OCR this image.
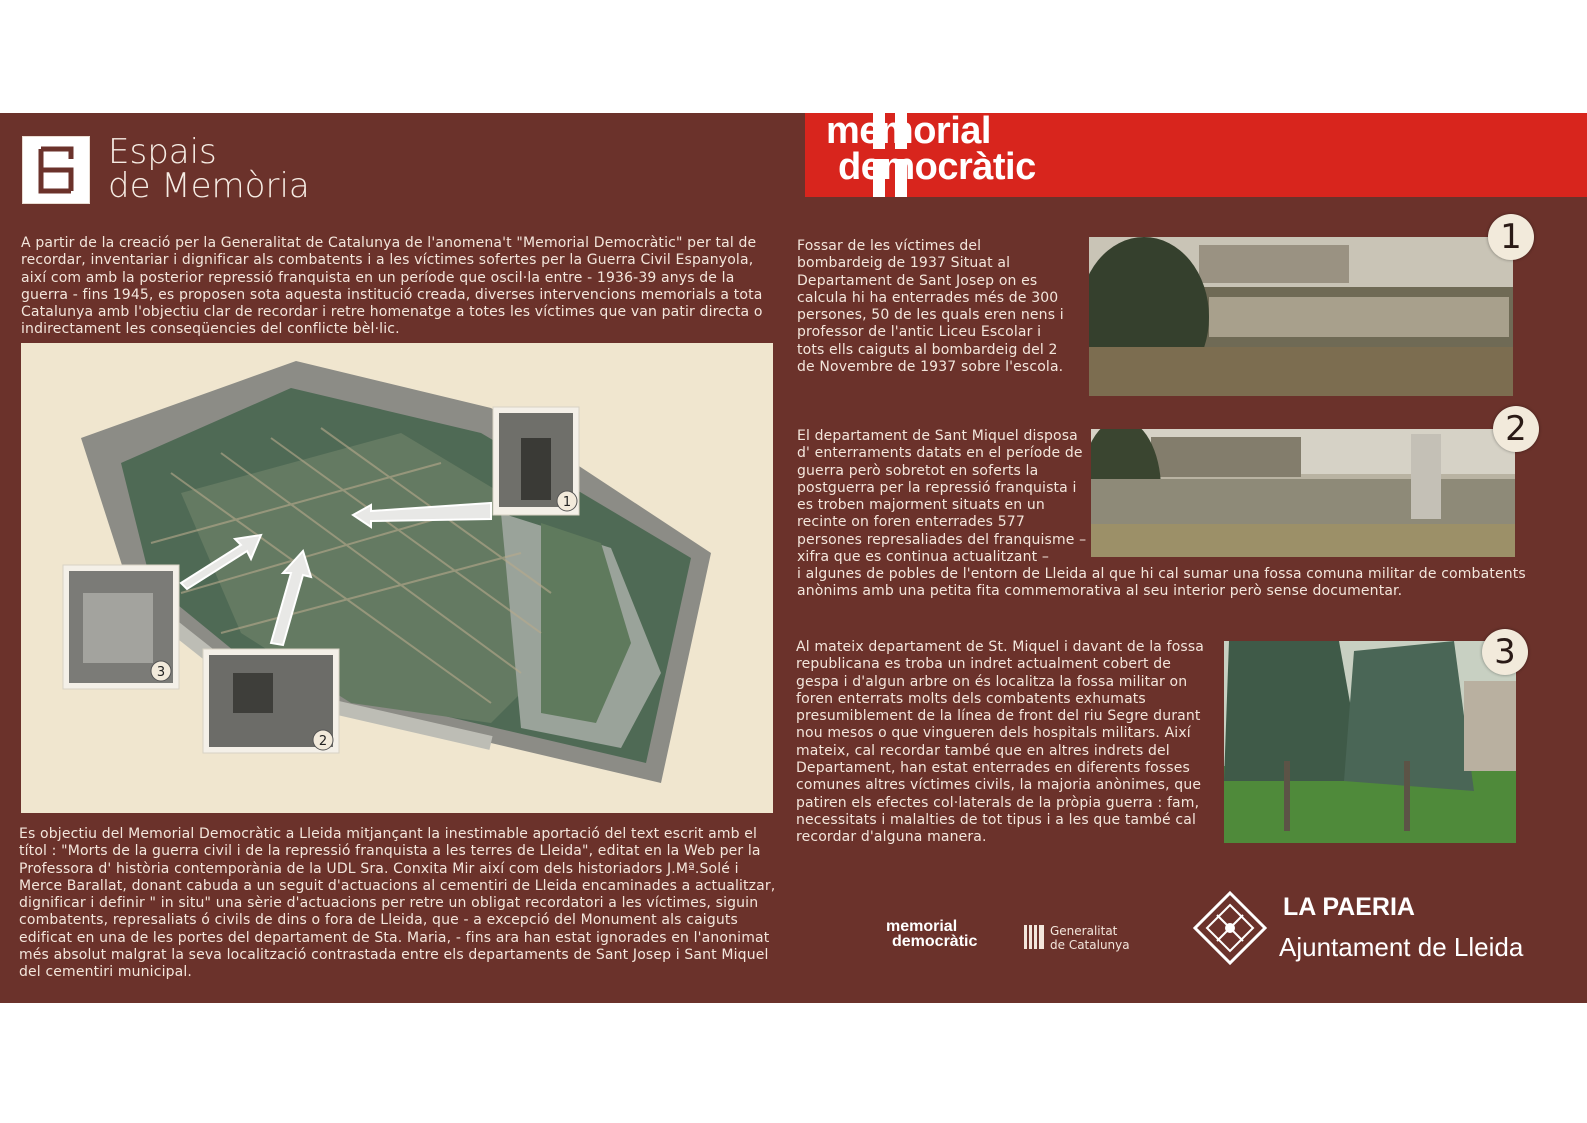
Espais
de Memòria
memorial
democràtic
A partir de la creació per la Generalitat de Catalunya de l'anomena't "Memorial Democràtic" per tal de recordar, inventariar i dignificar als combatents i a les víctimes sofertes per la Guerra Civil Espanyola, així com amb la posterior repressió franquista en un període que oscil·la entre - 1936-39 anys de la guerra - fins 1945, es proposen sota aquesta institució creada, diverses intervencions memorials a tota Catalunya amb l'objectiu clar de recordar i retre homenatge a totes les víctimes que van patir directa o indirectament les conseqüencies del conflicte bèl·lic.
1
3
2
Es objectiu del Memorial Democràtic a Lleida mitjançant la inestimable aportació del text escrit amb el títol : "Morts de la guerra civil i de la repressió franquista a les terres de Lleida", editat en la Web per la Professora d' història contemporània de la UDL Sra. Conxita Mir així com dels historiadors J.Mª.Solé i Merce Barallat, donant cabuda a un seguit d'actuacions al cementiri de Lleida encaminades a actualitzar, dignificar i definir " in situ" una sèrie d'actuacions per retre un obligat recordatori a les víctimes, siguin combatents, represaliats ó civils de dins o fora de Lleida, que - a excepció del Monument als caiguts edificat en una de les portes del departament de Sta. Maria, - fins ara han estat ignorades en l'anonimat més absolut malgrat la seva localització contrastada entre els departaments de Sant Josep i Sant Miquel del cementiri municipal.
Fossar de les víctimes del bombardeig de 1937 Situat al Departament de Sant Josep on es calcula hi ha enterrades més de 300 persones, 50 de les quals eren nens i professor de l'antic Liceu Escolar i tots ells caiguts al bombardeig del 2 de Novembre de 1937 sobre l'escola.
1
El departament de Sant Miquel disposa d' enterraments datats en el període de guerra però sobretot en soferts la postguerra per la repressió franquista i es troben majorment situats en un recinte on foren enterrades 577 persones represaliades del franquisme – xifra que es continua actualitzant –
2
i algunes de pobles de l'entorn de Lleida al que hi cal sumar una fossa comuna militar de combatents anònims amb una petita fita commemorativa al seu interior però sense documentar.
Al mateix departament de St. Miquel i davant de la fossa republicana es troba un indret actualment cobert de gespa i d'algun arbre on és localitza la fossa militar on foren enterrats molts dels combatents exhumats presumiblement de la línea de front del riu Segre durant nou mesos o que vingueren dels hospitals militars. Així mateix, cal recordar també que en altres indrets del Departament, han estat enterrades en diferents fosses comunes altres víctimes civils, la majoria anònimes, que patiren els efectes col·laterals de la pròpia guerra : fam, necessitats i malalties de tot tipus i a les que també cal recordar d'alguna manera.
3
memorial
democràtic
Generalitat
de Catalunya
LA PAERIA
Ajuntament de Lleida
